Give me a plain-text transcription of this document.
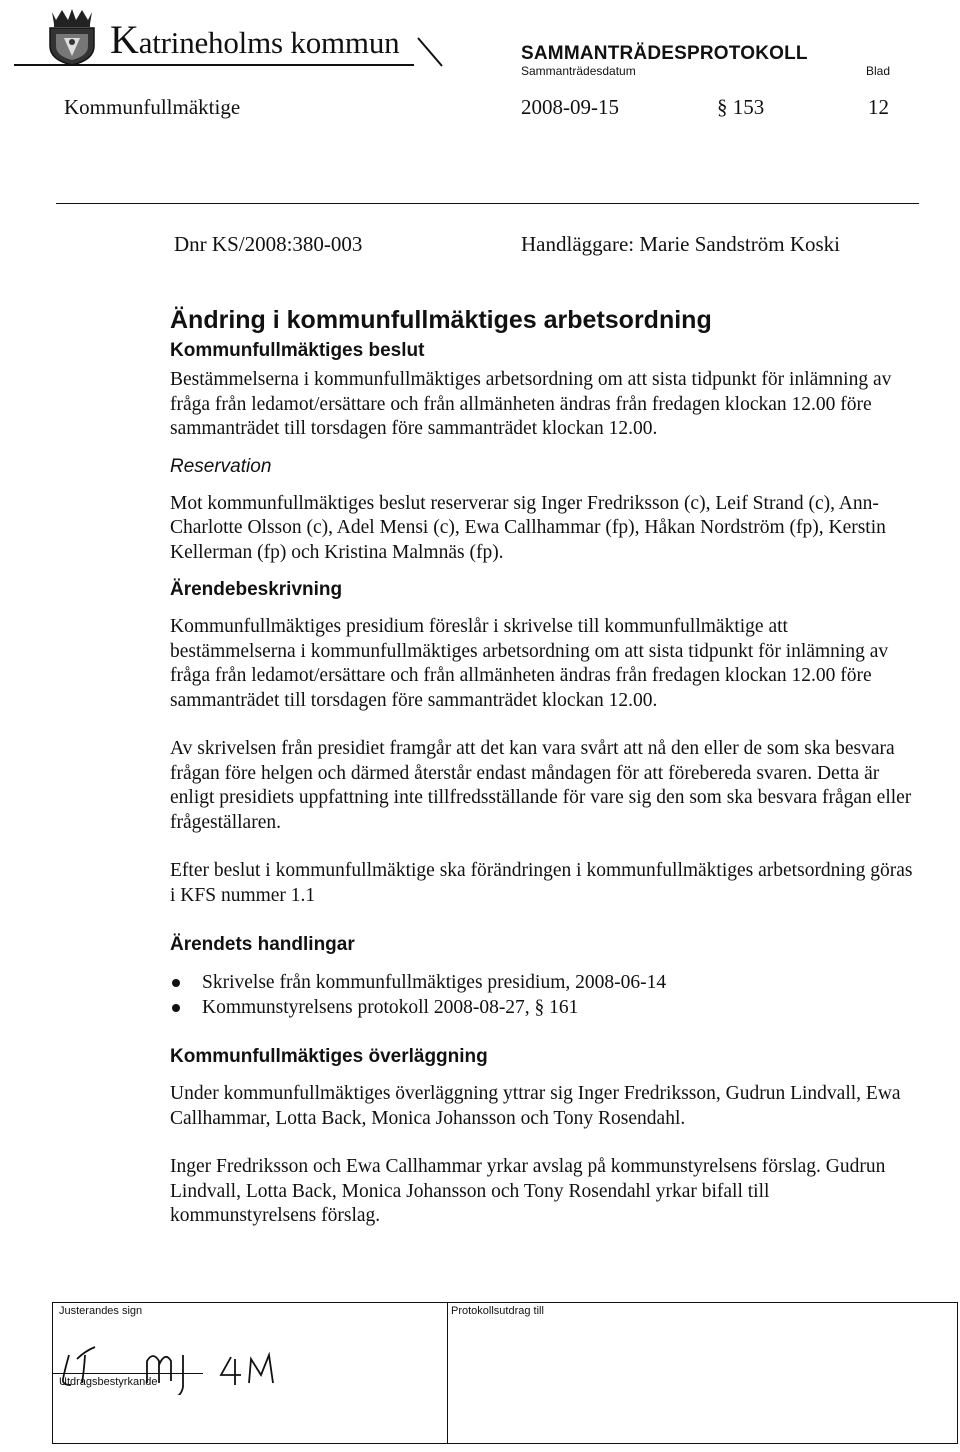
Katrineholms kommun	SAMMANTRÄDESPROTOKOLL
Sammanträdesdatum	Blad
Kommunfullmäktige	2008-09-15	§ 153	12
Dnr KS/2008:380-003	Handläggare: Marie Sandström Koski
Ändring i kommunfullmäktiges arbetsordning
Kommunfullmäktiges beslut

Bestämmelserna i kommunfullmäktiges arbetsordning om att sista tidpunkt för inlämning av fråga från ledamot/ersättare och från allmänheten ändras från fredagen klockan 12.00 före sammanträdet till torsdagen före sammanträdet klockan 12.00.

Reservation

Mot kommunfullmäktiges beslut reserverar sig Inger Fredriksson (c), Leif Strand (c), Ann-Charlotte Olsson (c), Adel Mensi (c), Ewa Callhammar (fp), Håkan Nordström (fp), Kerstin Kellerman (fp) och Kristina Malmnäs (fp).

Ärendebeskrivning

Kommunfullmäktiges presidium föreslår i skrivelse till kommunfullmäktige att bestämmelserna i kommunfullmäktiges arbetsordning om att sista tidpunkt för inlämning av fråga från ledamot/ersättare och från allmänheten ändras från fredagen klockan 12.00 före sammanträdet till torsdagen före sammanträdet klockan 12.00.

Av skrivelsen från presidiet framgår att det kan vara svårt att nå den eller de som ska besvara frågan före helgen och därmed återstår endast måndagen för att förebereda svaren. Detta är enligt presidiets uppfattning inte tillfredsställande för vare sig den som ska besvara frågan eller frågeställaren.

Efter beslut i kommunfullmäktige ska förändringen i kommunfullmäktiges arbetsordning göras i KFS nummer 1.1

Ärendets handlingar
Skrivelse från kommunfullmäktiges presidium, 2008-06-14
Kommunstyrelsens protokoll 2008-08-27, § 161
Kommunfullmäktiges överläggning

Under kommunfullmäktiges överläggning yttrar sig Inger Fredriksson, Gudrun Lindvall, Ewa Callhammar, Lotta Back, Monica Johansson och Tony Rosendahl.

Inger Fredriksson och Ewa Callhammar yrkar avslag på kommunstyrelsens förslag. Gudrun Lindvall, Lotta Back, Monica Johansson och Tony Rosendahl yrkar bifall till kommunstyrelsens förslag.

Justerandes sign
Utdragsbestyrkande
Protokollsutdrag till
